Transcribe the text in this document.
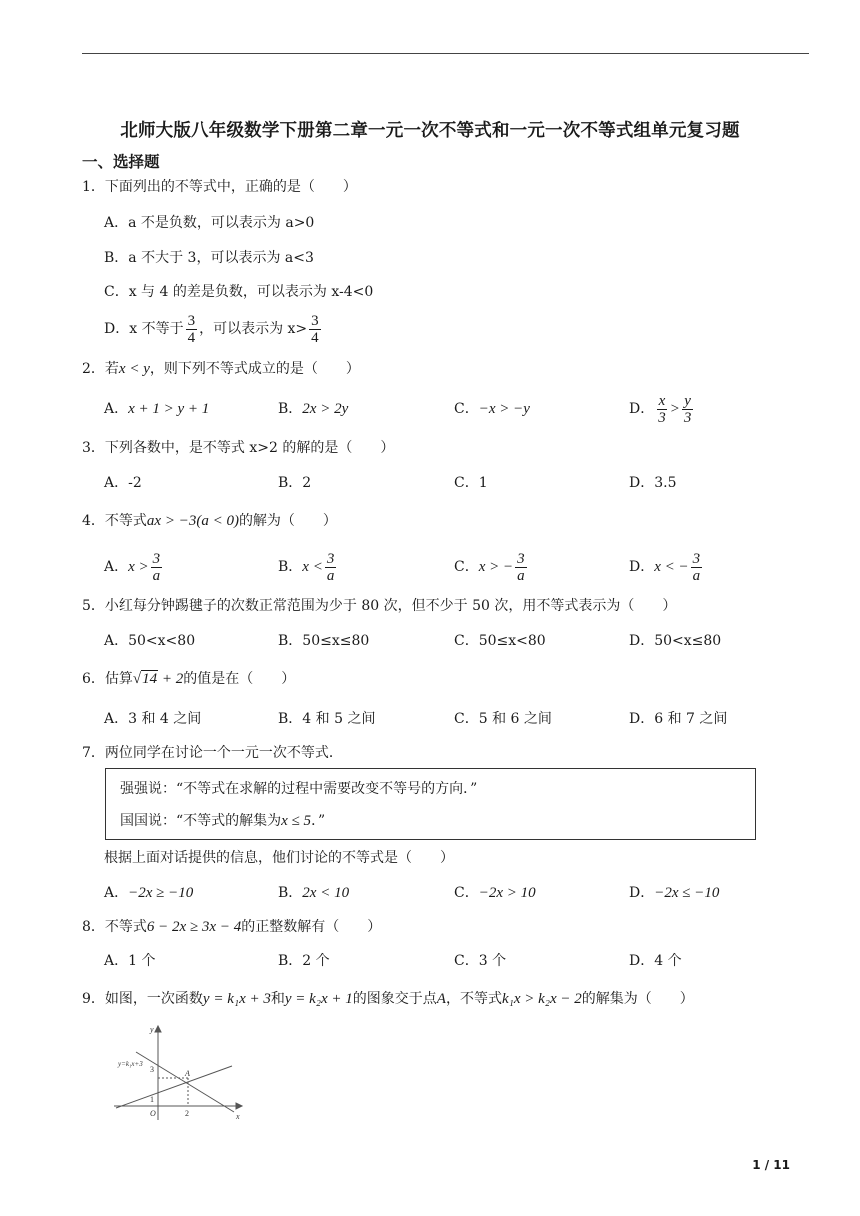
北师大版八年级数学下册第二章一元一次不等式和一元一次不等式组单元复习题
一、选择题
1．下面列出的不等式中，正确的是（　　）
A．a 不是负数，可以表示为 a>0
B．a 不大于 3，可以表示为 a<3
C．x 与 4 的差是负数，可以表示为 x-4<0
D．x 不等于 $\frac{3}{4}$ ，可以表示为 $x> \frac{3}{4}$
2．若x < y，则下列不等式成立的是（　　）
A．x + 1 > y + 1	B．2x > 2y	C．−x > −y	D． $\frac{x}{3} > \frac{y}{3}$
3．下列各数中，是不等式 x>2 的解的是（　　）
A．-2	B．2	C．1	D．3.5
4．不等式ax > −3(a < 0)的解为（　　）
A．$x > \frac{3}{a}$	B．$x < \frac{3}{a}$	C．x > − $\frac{3}{a}$	D．x < − $\frac{3}{a}$
5．小红每分钟踢毽子的次数正常范围为少于 80 次，但不少于 50 次，用不等式表示为（　　）
A．50<x<80	B．50≤x≤80	C．50≤x<80	D．50<x≤80
6．估算√14 + 2的值是在（　　）
A．3 和 4 之间	B．4 和 5 之间	C．5 和 6 之间	D．6 和 7 之间
7．两位同学在讨论一个一元一次不等式．
强强说：“不等式在求解的过程中需要改变不等号的方向．”
国国说：“不等式的解集为x ≤ 5．”
根据上面对话提供的信息，他们讨论的不等式是（　　）
A．−2x ≥ −10	B．2x < 10	C．−2x > 10	D．−2x ≤ −10
8．不等式6 − 2x ≥ 3x − 4的正整数解有（　　）
A．1 个	B．2 个	C．3 个	D．4 个
9．如图，一次函数y = k₁x + 3和y = k₂x + 1的图象交于点A，不等式k₁x > k₂x − 2的解集为（　　）
y
x
O
y=k₁x+3
A
3
1
2
1 / 11
